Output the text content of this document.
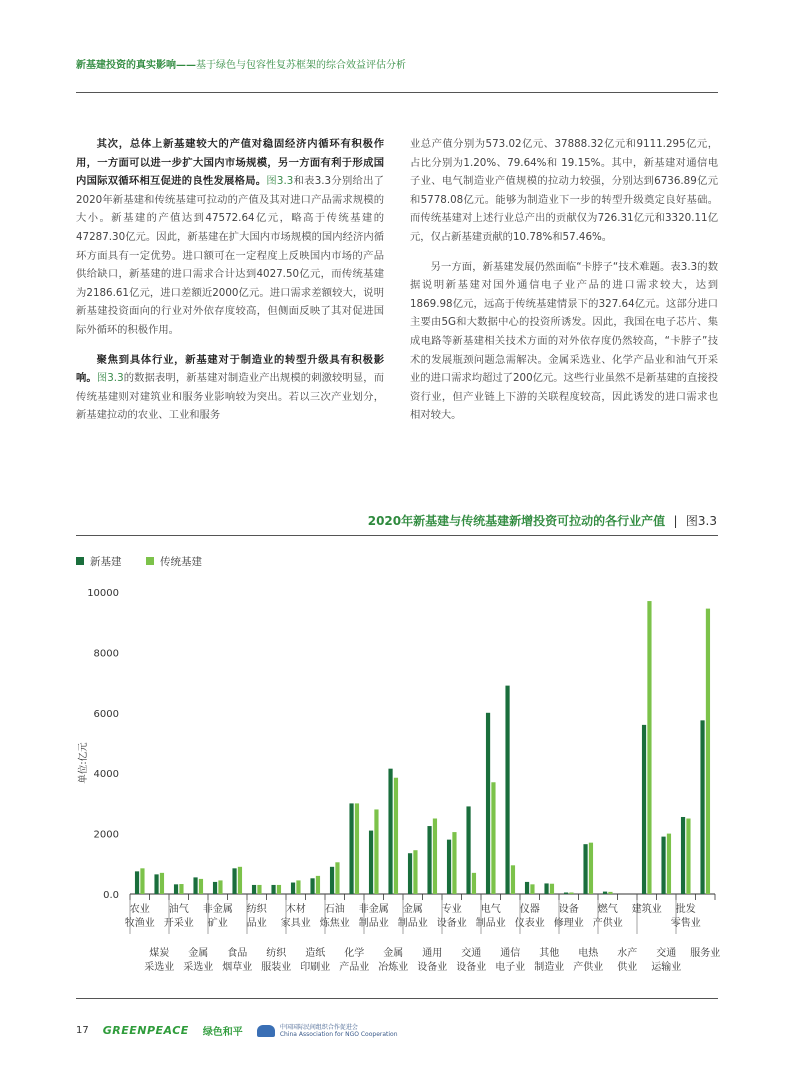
新基建投资的真实影响——基于绿色与包容性复苏框架的综合效益评估分析

其次，总体上新基建较大的产值对稳固经济内循环有积极作用，一方面可以进一步扩大国内市场规模，另一方面有利于形成国内国际双循环相互促进的良性发展格局。图3.3和表3.3分别给出了2020年新基建和传统基建可拉动的产值及其对进口产品需求规模的大小。新基建的产值达到47572.64亿元，略高于传统基建的47287.30亿元。因此，新基建在扩大国内市场规模的国内经济内循环方面具有一定优势。进口额可在一定程度上反映国内市场的产品供给缺口，新基建的进口需求合计达到4027.50亿元，而传统基建为2186.61亿元，进口差额近2000亿元。进口需求差额较大，说明新基建投资面向的行业对外依存度较高，但侧面反映了其对促进国际外循环的积极作用。

聚焦到具体行业，新基建对于制造业的转型升级具有积极影响。图3.3的数据表明，新基建对制造业产出规模的刺激较明显，而传统基建则对建筑业和服务业影响较为突出。若以三次产业划分，新基建拉动的农业、工业和服务

业总产值分别为573.02亿元、37888.32亿元和9111.295亿元，占比分别为1.20%、79.64%和 19.15%。其中，新基建对通信电子业、电气制造业产值规模的拉动力较强，分别达到6736.89亿元和5778.08亿元。能够为制造业下一步的转型升级奠定良好基础。而传统基建对上述行业总产出的贡献仅为726.31亿元和3320.11亿元，仅占新基建贡献的10.78%和57.46%。

另一方面，新基建发展仍然面临“卡脖子“技术难题。表3.3的数据说明新基建对国外通信电子业产品的进口需求较大，达到1869.98亿元，远高于传统基建情景下的327.64亿元。这部分进口主要由5G和大数据中心的投资所诱发。因此，我国在电子芯片、集成电路等新基建相关技术方面的对外依存度仍然较高，“卡脖子”技术的发展瓶颈问题急需解决。金属采选业、化学产品业和油气开采业的进口需求均超过了200亿元。这些行业虽然不是新基建的直接投资行业，但产业链上下游的关联程度较高，因此诱发的进口需求也相对较大。

2020年新基建与传统基建新增投资可拉动的各行业产值 | 图3.3
新基建	传统基建
0.0
2000
4000
6000
8000
10000
单位:亿元
农业
牧渔业
煤炭
采选业
油气
开采业
金属
采选业
非金属
矿业
食品
烟草业
纺织
品业
纺织
服装业
木材
家具业
造纸
印刷业
石油
炼焦业
化学
产品业
非金属
制品业
金属
冶炼业
金属
制品业
通用
设备业
专业
设备业
交通
设备业
电气
制品业
通信
电子业
仪器
仪表业
其他
制造业
设备
修理业
电热
产供业
燃气
产供业
水产
供业
建筑业
交通
运输业
批发
零售业
服务业
17 GREENPEACE 绿色和平	中国国际民间组织合作促进会
China Association for NGO Cooperation
